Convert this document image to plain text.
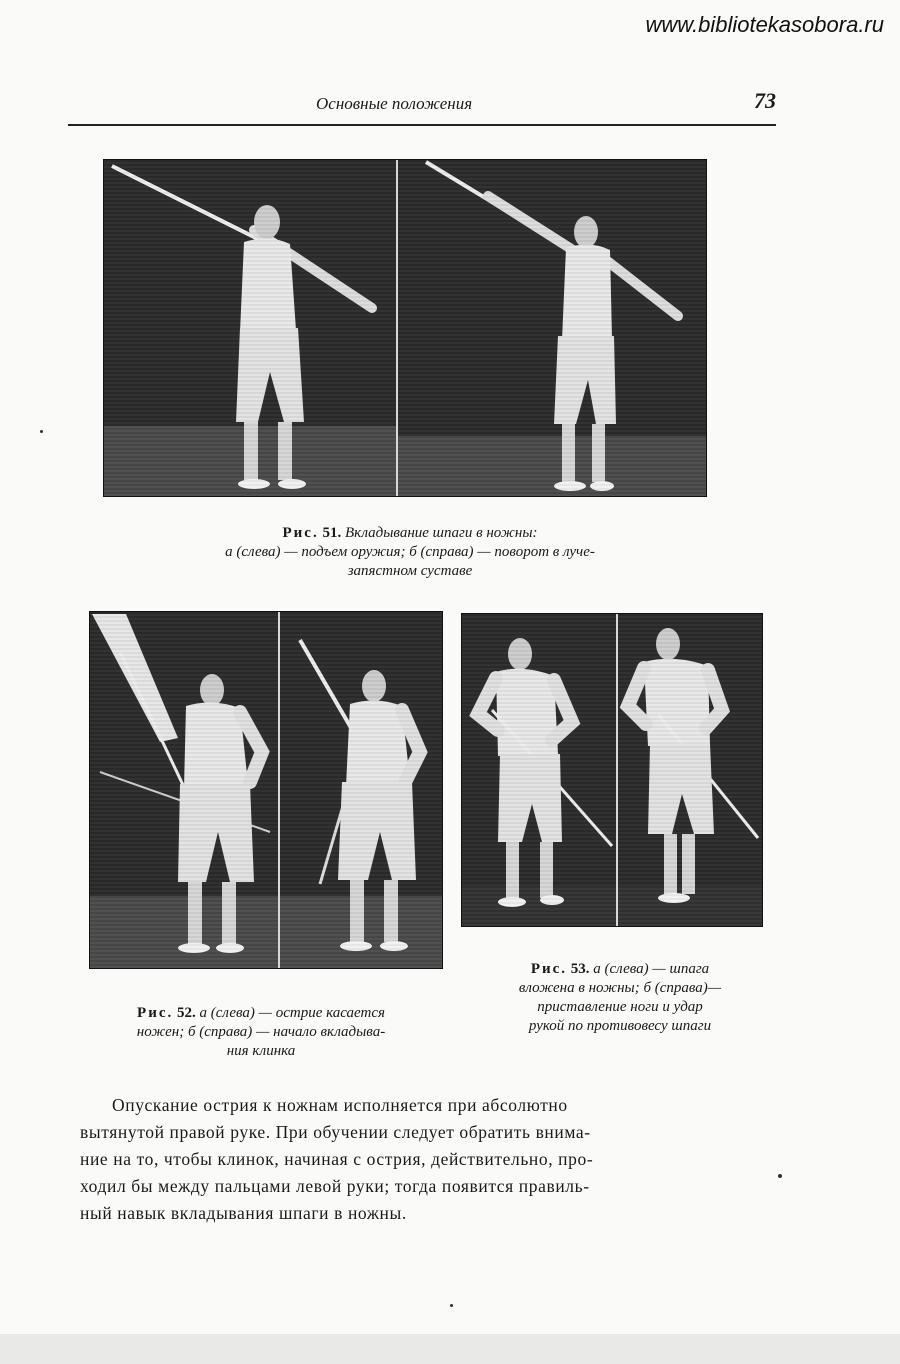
www.bibliotekasobora.ru
Основные положения	73
Рис. 51. Вкладывание шпаги в ножны:
а (слева) — подъем оружия; б (справа) — поворот в луче-
запястном суставе
Рис. 52. а (слева) — острие касается
ножен; б (справа) — начало вкладыва-
ния клинка
Рис. 53. а (слева) — шпага
вложена в ножны; б (справа)—
приставление ноги и удар
рукой по противовесу шпаги
Опускание острия к ножнам исполняется при абсолютно
вытянутой правой руке. При обучении следует обратить внима-
ние на то, чтобы клинок, начиная с острия, действительно, про-
ходил бы между пальцами левой руки; тогда появится правиль-
ный навык вкладывания шпаги в ножны.
